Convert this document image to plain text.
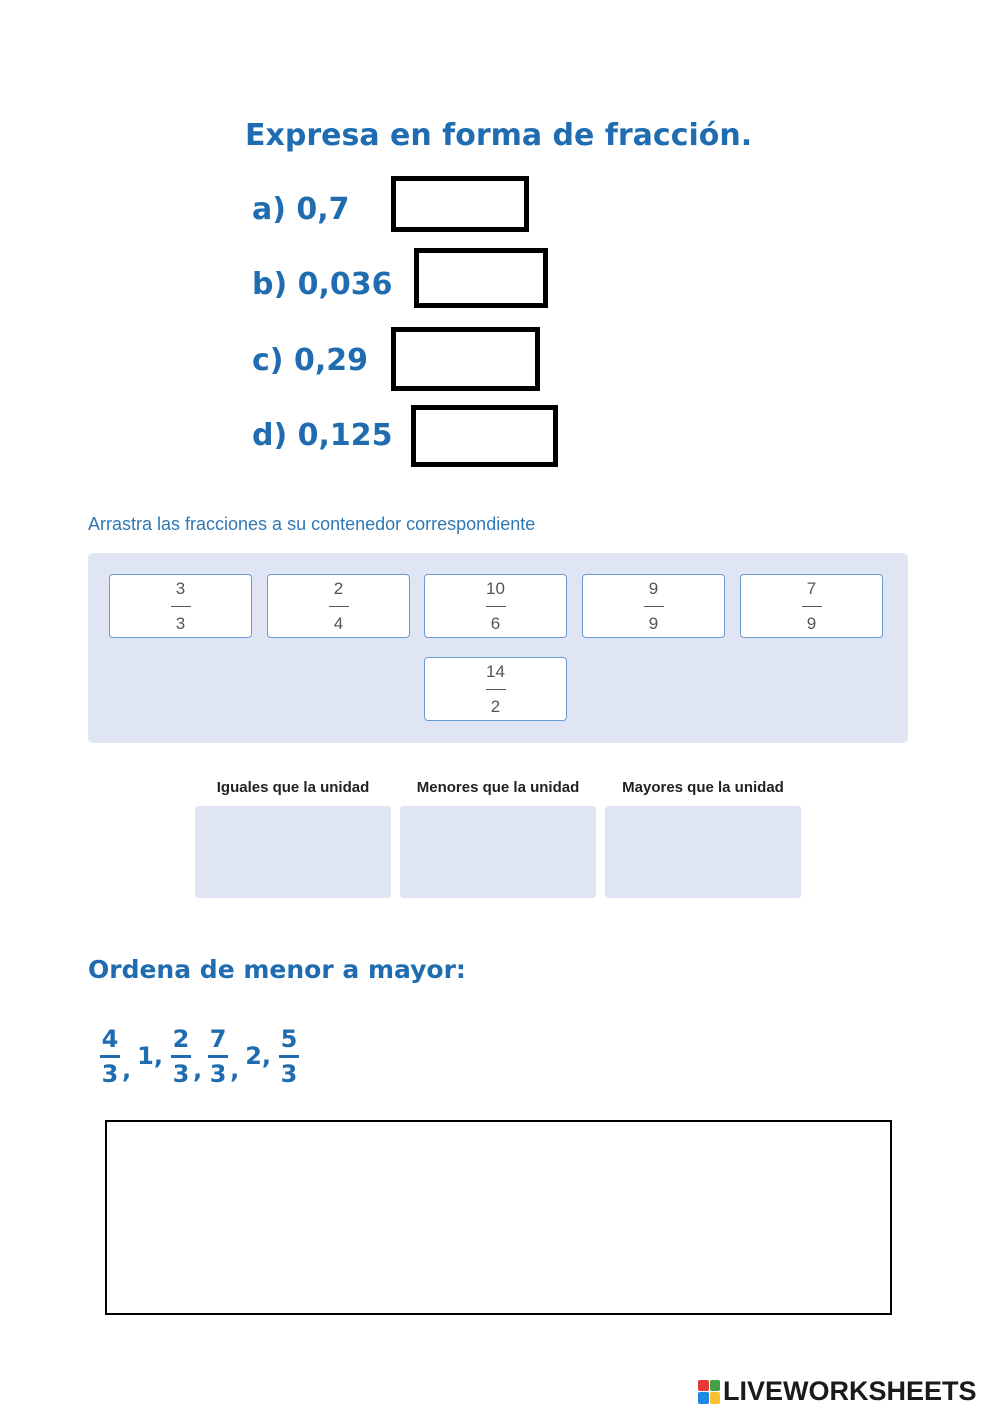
Expresa en forma de fracción.
a) 0,7
b) 0,036
c) 0,29
d) 0,125
Arrastra las fracciones a su contenedor correspondiente
3
3
2
4
10
6
9
9
7
9
14
2
Iguales que la unidad	Menores que la unidad	Mayores que la unidad
Ordena de menor a mayor:
$\frac{4}{3}$ , 1, $\frac{2}{3}$ , $\frac{7}{3}$ , 2, $\frac{5}{3}$
LIVEWORKSHEETS
